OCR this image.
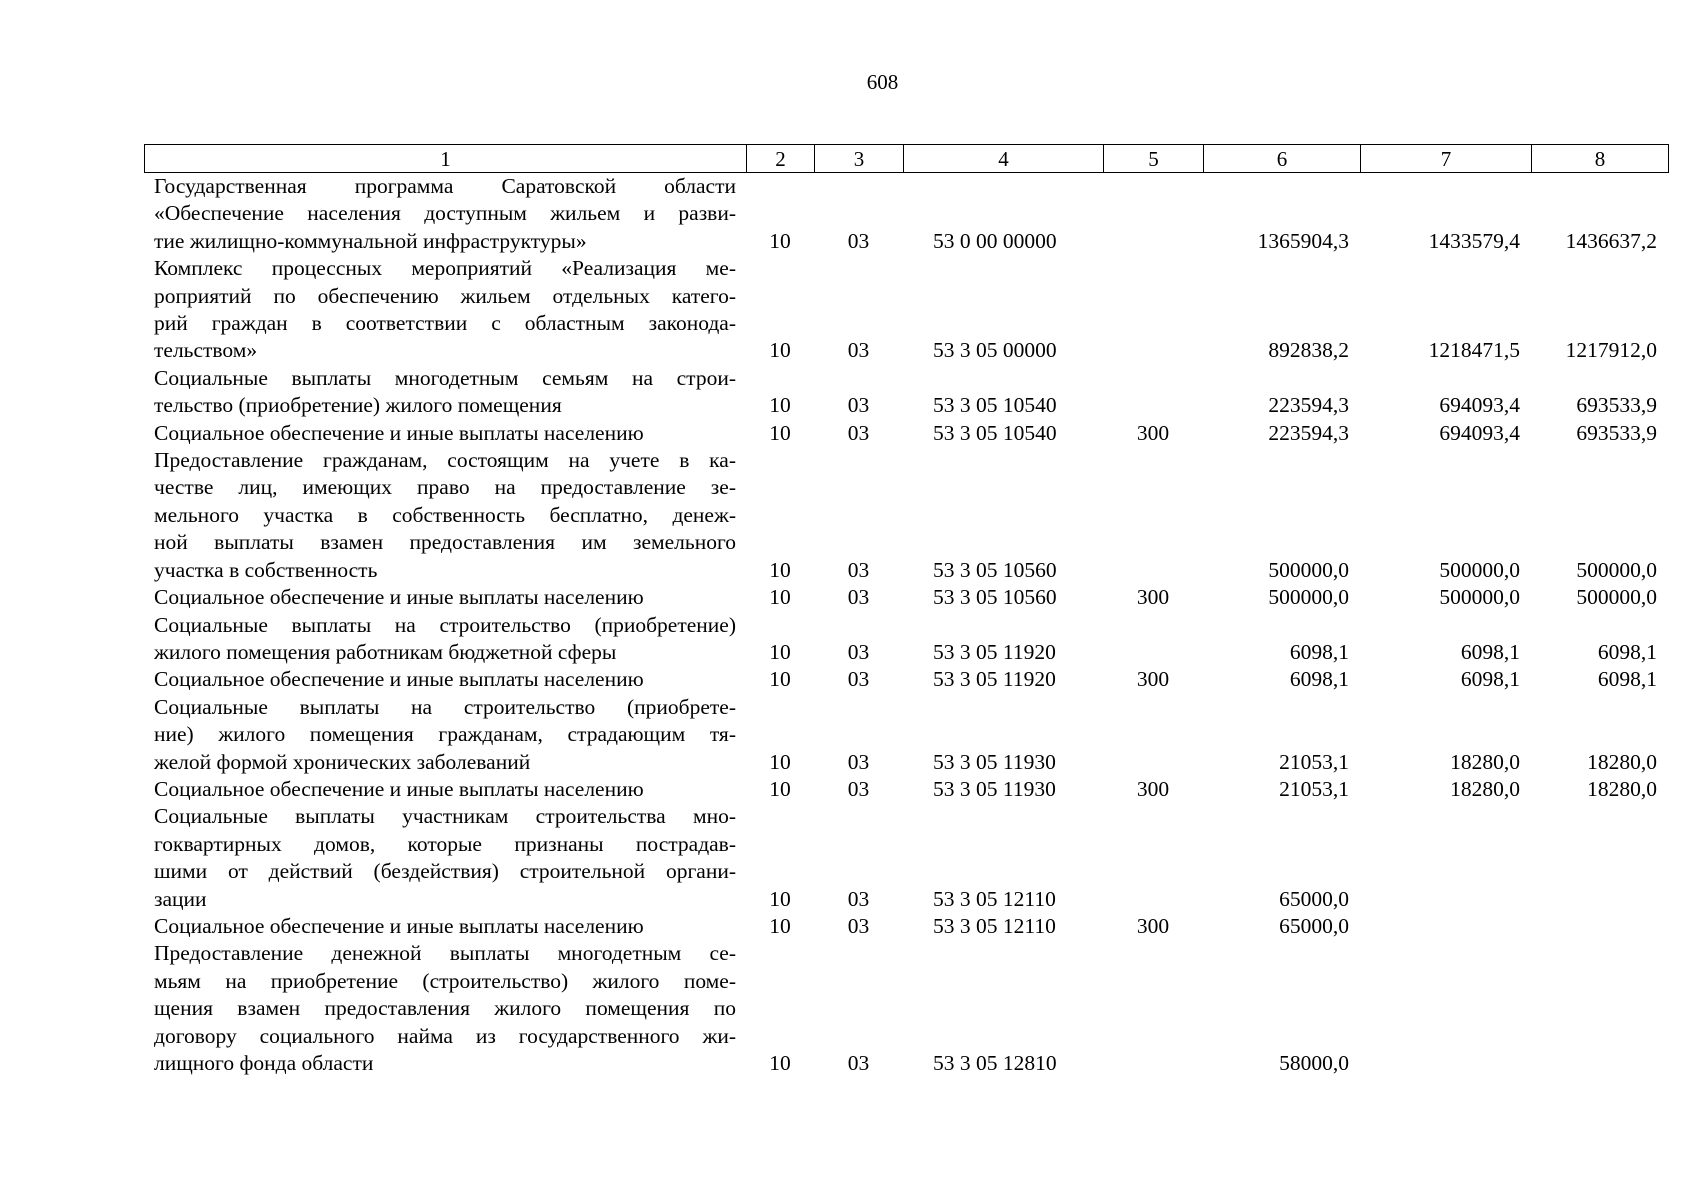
608
1	2	3	4	5	6	7	8
Государственная программа Саратовской области
«Обеспечение населения доступным жильем и разви-
тие жилищно-коммунальной инфраструктуры»	10	03	53 0 00 00000		1365904,3	1433579,4	1436637,2

Комплекс процессных мероприятий «Реализация ме-
роприятий по обеспечению жильем отдельных катего-
рий граждан в соответствии с областным законода-
тельством»	10	03	53 3 05 00000		892838,2	1218471,5	1217912,0

Социальные выплаты многодетным семьям на строи-
тельство (приобретение) жилого помещения	10	03	53 3 05 10540		223594,3	694093,4	693533,9

Социальное обеспечение и иные выплаты населению	10	03	53 3 05 10540	300	223594,3	694093,4	693533,9

Предоставление гражданам, состоящим на учете в ка-
честве лиц, имеющих право на предоставление зе-
мельного участка в собственность бесплатно, денеж-
ной выплаты взамен предоставления им земельного
участка в собственность	10	03	53 3 05 10560		500000,0	500000,0	500000,0

Социальное обеспечение и иные выплаты населению	10	03	53 3 05 10560	300	500000,0	500000,0	500000,0

Социальные выплаты на строительство (приобретение)
жилого помещения работникам бюджетной сферы	10	03	53 3 05 11920		6098,1	6098,1	6098,1

Социальное обеспечение и иные выплаты населению	10	03	53 3 05 11920	300	6098,1	6098,1	6098,1

Социальные выплаты на строительство (приобрете-
ние) жилого помещения гражданам, страдающим тя-
желой формой хронических заболеваний	10	03	53 3 05 11930		21053,1	18280,0	18280,0

Социальное обеспечение и иные выплаты населению	10	03	53 3 05 11930	300	21053,1	18280,0	18280,0

Социальные выплаты участникам строительства мно-
гоквартирных домов, которые признаны пострадав-
шими от действий (бездействия) строительной органи-
зации	10	03	53 3 05 12110		65000,0		

Социальное обеспечение и иные выплаты населению	10	03	53 3 05 12110	300	65000,0		

Предоставление денежной выплаты многодетным се-
мьям на приобретение (строительство) жилого поме-
щения взамен предоставления жилого помещения по
договору социального найма из государственного жи-
лищного фонда области	10	03	53 3 05 12810		58000,0		
